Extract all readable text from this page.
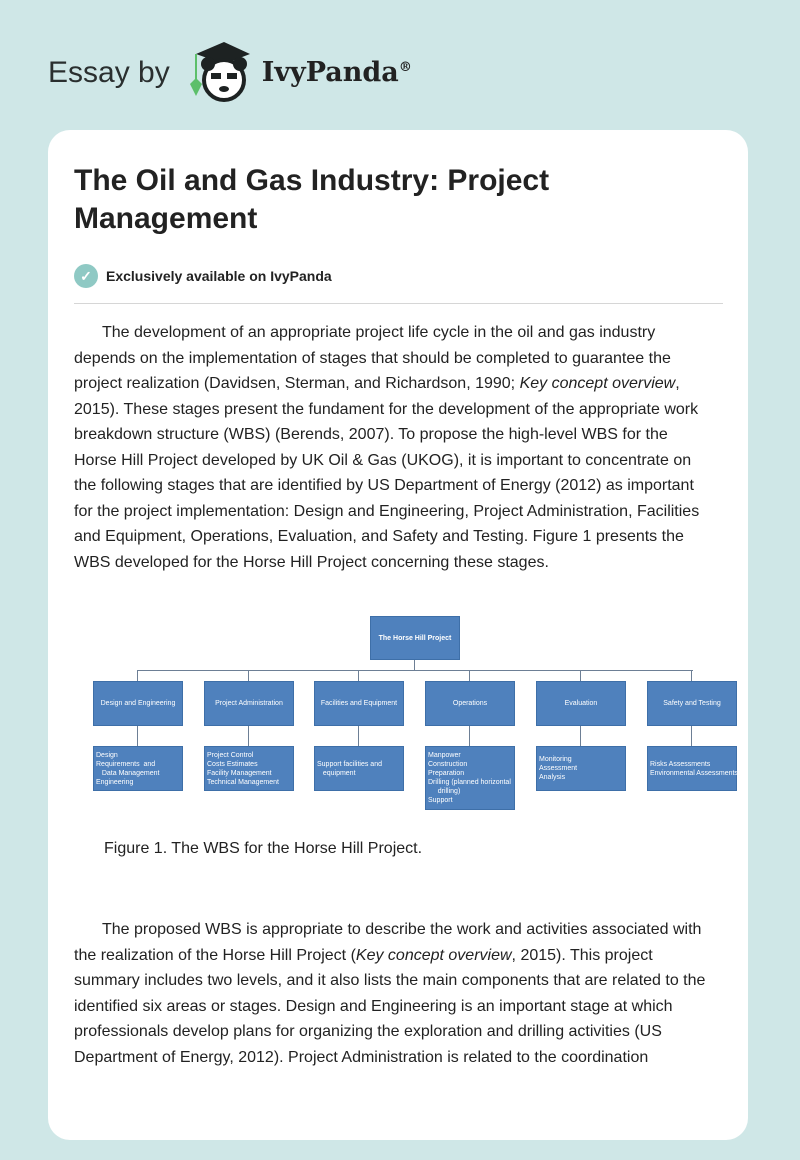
Essay by	IvyPanda®
The Oil and Gas Industry: Project Management
✓	Exclusively available on IvyPanda

The development of an appropriate project life cycle in the oil and gas industry depends on the implementation of stages that should be completed to guarantee the project realization (Davidsen, Sterman, and Richardson, 1990; Key concept overview, 2015). These stages present the fundament for the development of the appropriate work breakdown structure (WBS) (Berends, 2007). To propose the high-level WBS for the Horse Hill Project developed by UK Oil & Gas (UKOG), it is important to concentrate on the following stages that are identified by US Department of Energy (2012) as important for the project implementation: Design and Engineering, Project Administration, Facilities and Equipment, Operations, Evaluation, and Safety and Testing. Figure 1 presents the WBS developed for the Horse Hill Project concerning these stages.

The Horse Hill Project
Design and Engineering
Design
Requirements  and
Data Management
Engineering
Project Administration
Project Control
Costs Estimates
Facility Management
Technical Management
Facilities and Equipment
Support facilities and
equipment
Operations
Manpower
Construction
Preparation
Drilling (planned horizontal
drilling)
Support
Evaluation
Monitoring
Assessment
Analysis
Safety and Testing
Risks Assessments
Environmental Assessments
Figure 1. The WBS for the Horse Hill Project.

The proposed WBS is appropriate to describe the work and activities associated with the realization of the Horse Hill Project (Key concept overview, 2015). This project summary includes two levels, and it also lists the main components that are related to the identified six areas or stages. Design and Engineering is an important stage at which professionals develop plans for organizing the exploration and drilling activities (US Department of Energy, 2012). Project Administration is related to the coordination
